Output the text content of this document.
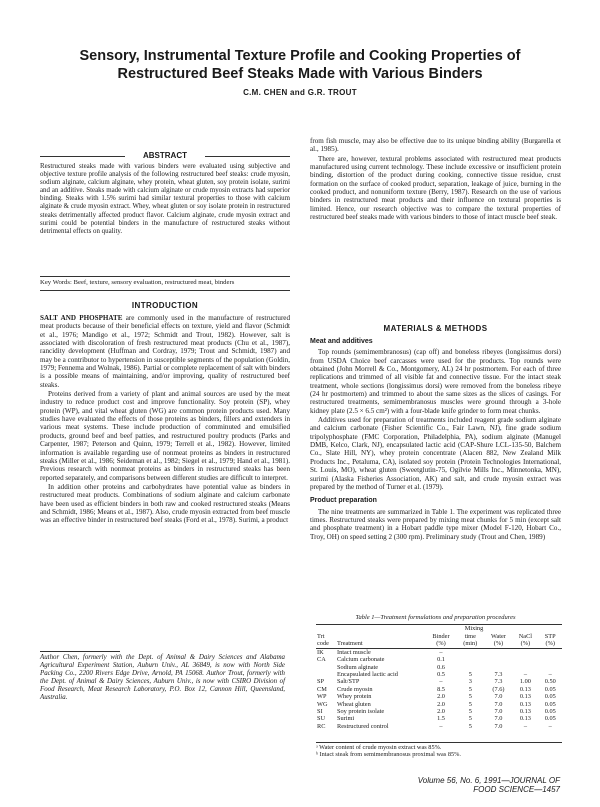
Sensory, Instrumental Texture Profile and Cooking Properties of Restructured Beef Steaks Made with Various Binders
C.M. CHEN and G.R. TROUT
ABSTRACT

Restructured steaks made with various binders were evaluated using subjective and objective texture profile analysis of the following restructured beef steaks: crude myosin, sodium alginate, calcium alginate, whey protein, wheat gluten, soy protein isolate, surimi and an additive. Steaks made with calcium alginate or crude myosin extracts had superior binding. Steaks with 1.5% surimi had similar textural properties to those with calcium alginate & crude myosin extract. Whey, wheat gluten or soy isolate protein in restructured steaks detrimentally affected product flavor. Calcium alginate, crude myosin extract and surimi could be potential binders in the manufacture of restructured steaks without detrimental effects on quality.

Key Words: Beef, texture, sensory evaluation, restructured meat, binders
INTRODUCTION

SALT AND PHOSPHATE are commonly used in the manufacture of restructured meat products because of their beneficial effects on texture, yield and flavor (Schmidt et al., 1976; Mandigo et al., 1972; Schmidt and Trout, 1982). However, salt is associated with discoloration of fresh restructured meat products (Chu et al., 1987), rancidity development (Huffman and Cordray, 1979; Trout and Schmidt, 1987) and may be a contributor to hypertension in susceptible segments of the population (Goldin, 1979; Fennema and Wolnak, 1986). Partial or complete replacement of salt with binders is a possible means of maintaining, and/or improving, quality of restructured beef steaks.

Proteins derived from a variety of plant and animal sources are used by the meat industry to reduce product cost and improve functionality. Soy protein (SP), whey protein (WP), and vital wheat gluten (WG) are common protein products used. Many studies have evaluated the effects of those proteins as binders, fillers and extenders in various meat systems. These include production of comminuted and emulsified products, ground beef and beef patties, and restructured poultry products (Parks and Carpenter, 1987; Peterson and Quinn, 1979; Terrell et al., 1982). However, limited information is available regarding use of nonmeat proteins as binders in restructured steaks (Miller et al., 1986; Seideman et al., 1982; Siegel et al., 1979; Hand et al., 1981). Previous research with nonmeat proteins as binders in restructured steaks has been reported separately, and comparisons between different studies are difficult to interpret.

In addition other proteins and carbohydrates have potential value as binders in restructured meat products. Combinations of sodium alginate and calcium carbonate have been used as efficient binders in both raw and cooked restructured steaks (Means and Schmidt, 1986; Means et al., 1987). Also, crude myosin extracted from beef muscle was an effective binder in restructured beef steaks (Ford et al., 1978). Surimi, a product

Author Chen, formerly with the Dept. of Animal & Dairy Sciences and Alabama Agricultural Experiment Station, Auburn Univ., AL 36849, is now with North Side Packing Co., 2200 Rivers Edge Drive, Arnold, PA 15068. Author Trout, formerly with the Dept. of Animal & Dairy Sciences, Auburn Univ., is now with CSIRO Division of Food Research, Meat Research Laboratory, P.O. Box 12, Cannon Hill, Queensland, Australia.

from fish muscle, may also be effective due to its unique binding ability (Burgarella et al., 1985).

There are, however, textural problems associated with restructured meat products manufactured using current technology. These include excessive or insufficient protein binding, distortion of the product during cooking, connective tissue residue, crust formation on the surface of cooked product, separation, leakage of juice, burning in the cooked product, and nonuniform texture (Berry, 1987). Research on the use of various binders in restructured meat products and their influence on textural properties is limited. Hence, our research objective was to compare the textural properties of restructured beef steaks made with various binders to those of intact muscle beef steak.

MATERIALS & METHODS
Meat and additives

Top rounds (semimembranosus) (cap off) and boneless ribeyes (longissimus dorsi) from USDA Choice beef carcasses were used for the products. Top rounds were obtained (John Morrell & Co., Montgomery, AL) 24 hr postmortem. For each of three replications and trimmed of all visible fat and connective tissue. For the intact steak treatment, whole sections (longissimus dorsi) were removed from the boneless ribeye (24 hr postmortem) and trimmed to about the same sizes as the slices of casings. For restructured treatments, semimembranosus muscles were ground through a 3-hole kidney plate (2.5 × 6.5 cm²) with a four-blade knife grinder to form meat chunks.

Additives used for preparation of treatments included reagent grade sodium alginate and calcium carbonate (Fisher Scientific Co., Fair Lawn, NJ), fine grade sodium tripolyphosphate (FMC Corporation, Philadelphia, PA), sodium alginate (Manugel DMB, Kelco, Clark, NJ), encapsulated lactic acid (CAP-Shure LCL-135-50, Balchem Co., Slate Hill, NY), whey protein concentrate (Alacen 882, New Zealand Milk Products Inc., Petaluma, CA), isolated soy protein (Protein Technologies International, St. Louis, MO), wheat gluten (Sweetglutin-75, Ogilvie Mills Inc., Minnetonka, MN), surimi (Alaska Fisheries Association, AK) and salt, and crude myosin extract was prepared by the method of Turner et al. (1979).

Product preparation

The nine treatments are summarized in Table 1. The experiment was replicated three times. Restructured steaks were prepared by mixing meat chunks for 5 min (except salt and phosphate treatment) in a Hobart paddle type mixer (Model F-120, Hobart Co., Troy, OH) on speed setting 2 (300 rpm). Preliminary study (Trout and Chen, 1989)

Table 1—Treatment formulations and preparation procedures
Mixing
Trt code	Treatment	Binder (%)	time (min)	Water (%)	NaCl (%)	STP (%)

IK	Intact muscle	–				
CA	Calcium carbonate	0.1				
	Sodium alginate	0.6				
	Encapsulated lactic acid	0.5	5	7.3	–	–
SP	Salt/STP	–	3	7.3	1.00	0.50
CM	Crude myosin	8.5	5	(7.6)	0.13	0.05
WP	Whey protein	2.0	5	7.0	0.13	0.05
WG	Wheat gluten	2.0	5	7.0	0.13	0.05
SI	Soy protein isolate	2.0	5	7.0	0.13	0.05
SU	Surimi	1.5	5	7.0	0.13	0.05
RC	Restructured control	–	5	7.0	–	–
ᵃ Water content of crude myosin extract was 85%.
ᵇ Intact steak from semimembranosus proximal was 85%.
Volume 56, No. 6, 1991—JOURNAL OF FOOD SCIENCE—1457
